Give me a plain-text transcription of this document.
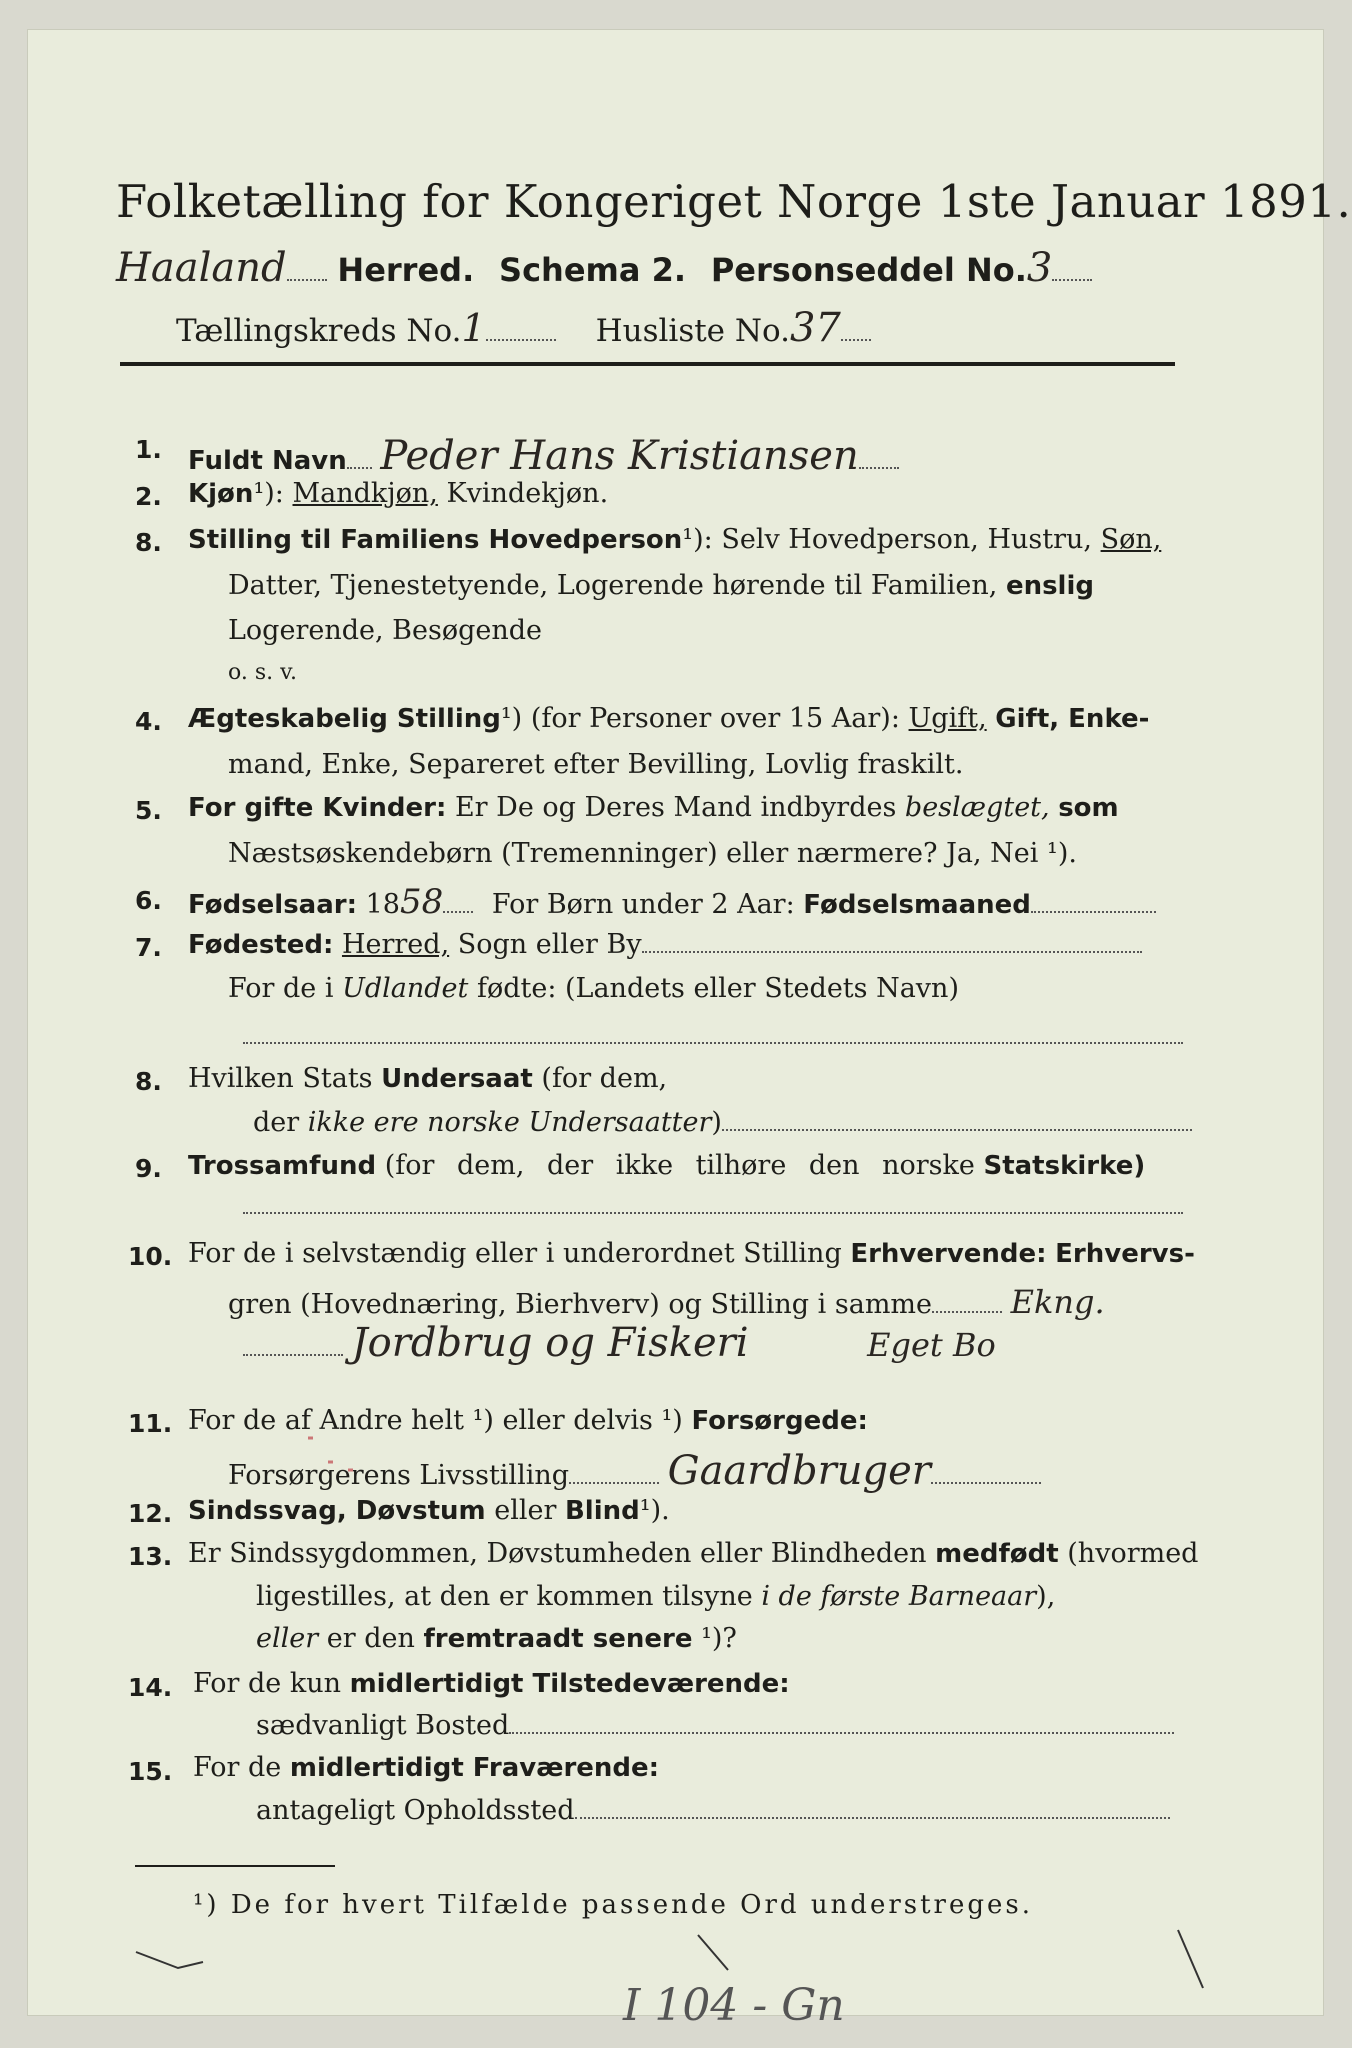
Folketælling for Kongeriget Norge 1ste Januar 1891.
Haaland Herred. Schema 2. Personseddel No.3
Tællingskreds No.1	Husliste No.37
1. Fuldt Navn Peder Hans Kristiansen
2. Kjøn¹): Mandkjøn, Kvindekjøn.
8. Stilling til Familiens Hovedperson¹): Selv Hovedperson, Hustru, Søn,
Datter, Tjenestetyende, Logerende hørende til Familien, enslig
Logerende, Besøgende
o. s. v.
4. Ægteskabelig Stilling¹) (for Personer over 15 Aar): Ugift, Gift, Enke-
mand, Enke, Separeret efter Bevilling, Lovlig fraskilt.
5. For gifte Kvinder: Er De og Deres Mand indbyrdes beslægtet, som
Næstsøskendebørn (Tremenninger) eller nærmere? Ja, Nei ¹).
6. Fødselsaar: 1858 For Børn under 2 Aar: Fødselsmaaned
7. Fødested: Herred, Sogn eller By
For de i Udlandet fødte: (Landets eller Stedets Navn)
8. Hvilken Stats Undersaat (for dem,
der ikke ere norske Undersaatter)
9. Trossamfund (for dem, der ikke tilhøre den norske Statskirke)
10. For de i selvstændig eller i underordnet Stilling Erhvervende: Erhvervs-
gren (Hovednæring, Bierhverv) og Stilling i samme Ekng.
Jordbrug og Fiskeri	Eget Bo
11. For de af Andre helt ¹) eller delvis ¹) Forsørgede:
Forsørgerens Livsstilling Gaardbruger
12. Sindssvag, Døvstum eller Blind¹).
13. Er Sindssygdommen, Døvstumheden eller Blindheden medfødt (hvormed
ligestilles, at den er kommen tilsyne i de første Barneaar),
eller er den fremtraadt senere ¹)?
14. For de kun midlertidigt Tilstedeværende:
sædvanligt Bosted
15. For de midlertidigt Fraværende:
antageligt Opholdssted
¹) De for hvert Tilfælde passende Ord understreges.
I 104 - Gn
